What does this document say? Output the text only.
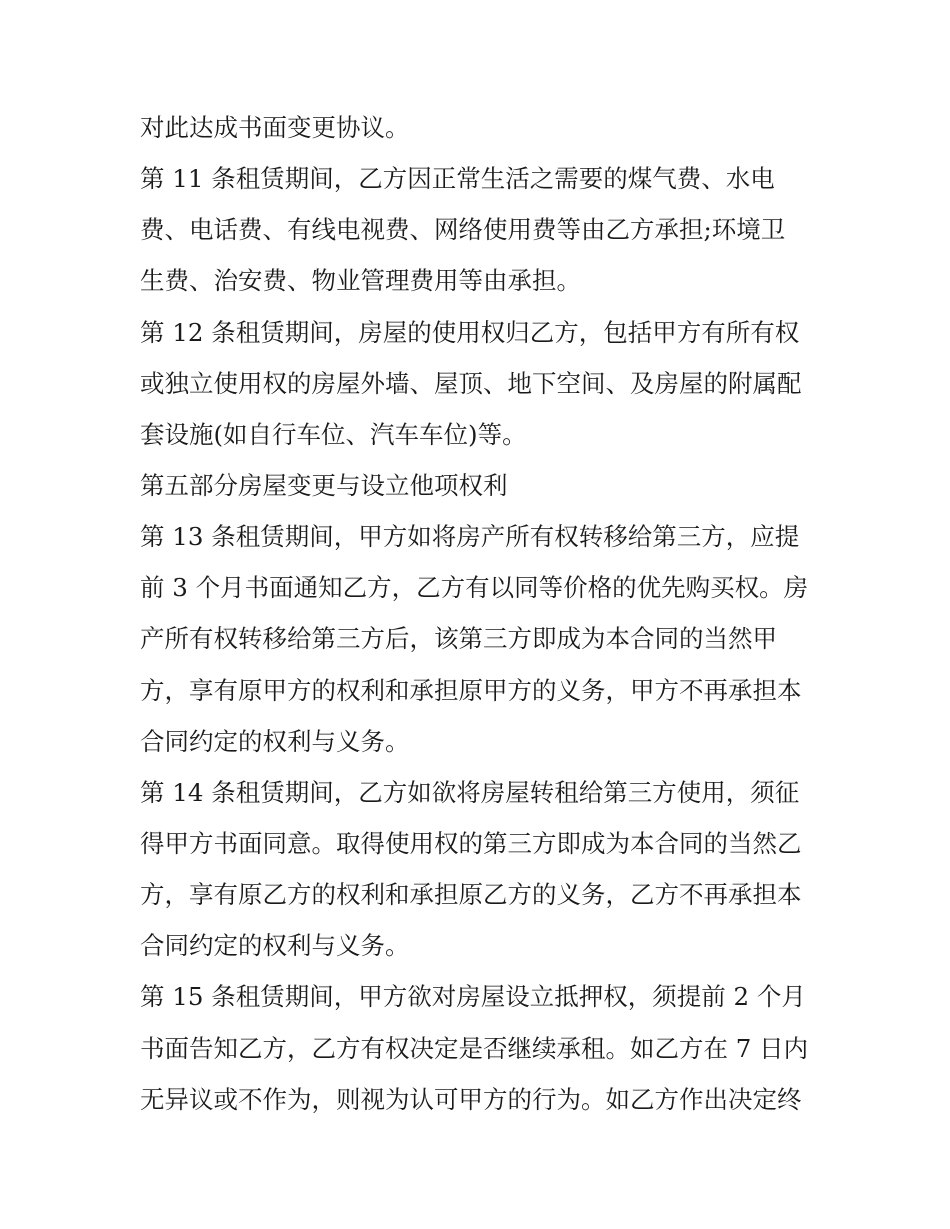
对此达成书面变更协议。
第 11 条租赁期间，乙方因正常生活之需要的煤气费、水电
费、电话费、有线电视费、网络使用费等由乙方承担;环境卫
生费、治安费、物业管理费用等由承担。
第 12 条租赁期间，房屋的使用权归乙方，包括甲方有所有权
或独立使用权的房屋外墙、屋顶、地下空间、及房屋的附属配
套设施(如自行车位、汽车车位)等。
第五部分房屋变更与设立他项权利
第 13 条租赁期间，甲方如将房产所有权转移给第三方，应提
前 3 个月书面通知乙方，乙方有以同等价格的优先购买权。房
产所有权转移给第三方后，该第三方即成为本合同的当然甲
方，享有原甲方的权利和承担原甲方的义务，甲方不再承担本
合同约定的权利与义务。
第 14 条租赁期间，乙方如欲将房屋转租给第三方使用，须征
得甲方书面同意。取得使用权的第三方即成为本合同的当然乙
方，享有原乙方的权利和承担原乙方的义务，乙方不再承担本
合同约定的权利与义务。
第 15 条租赁期间，甲方欲对房屋设立抵押权，须提前 2 个月
书面告知乙方，乙方有权决定是否继续承租。如乙方在 7 日内
无异议或不作为，则视为认可甲方的行为。如乙方作出决定终
